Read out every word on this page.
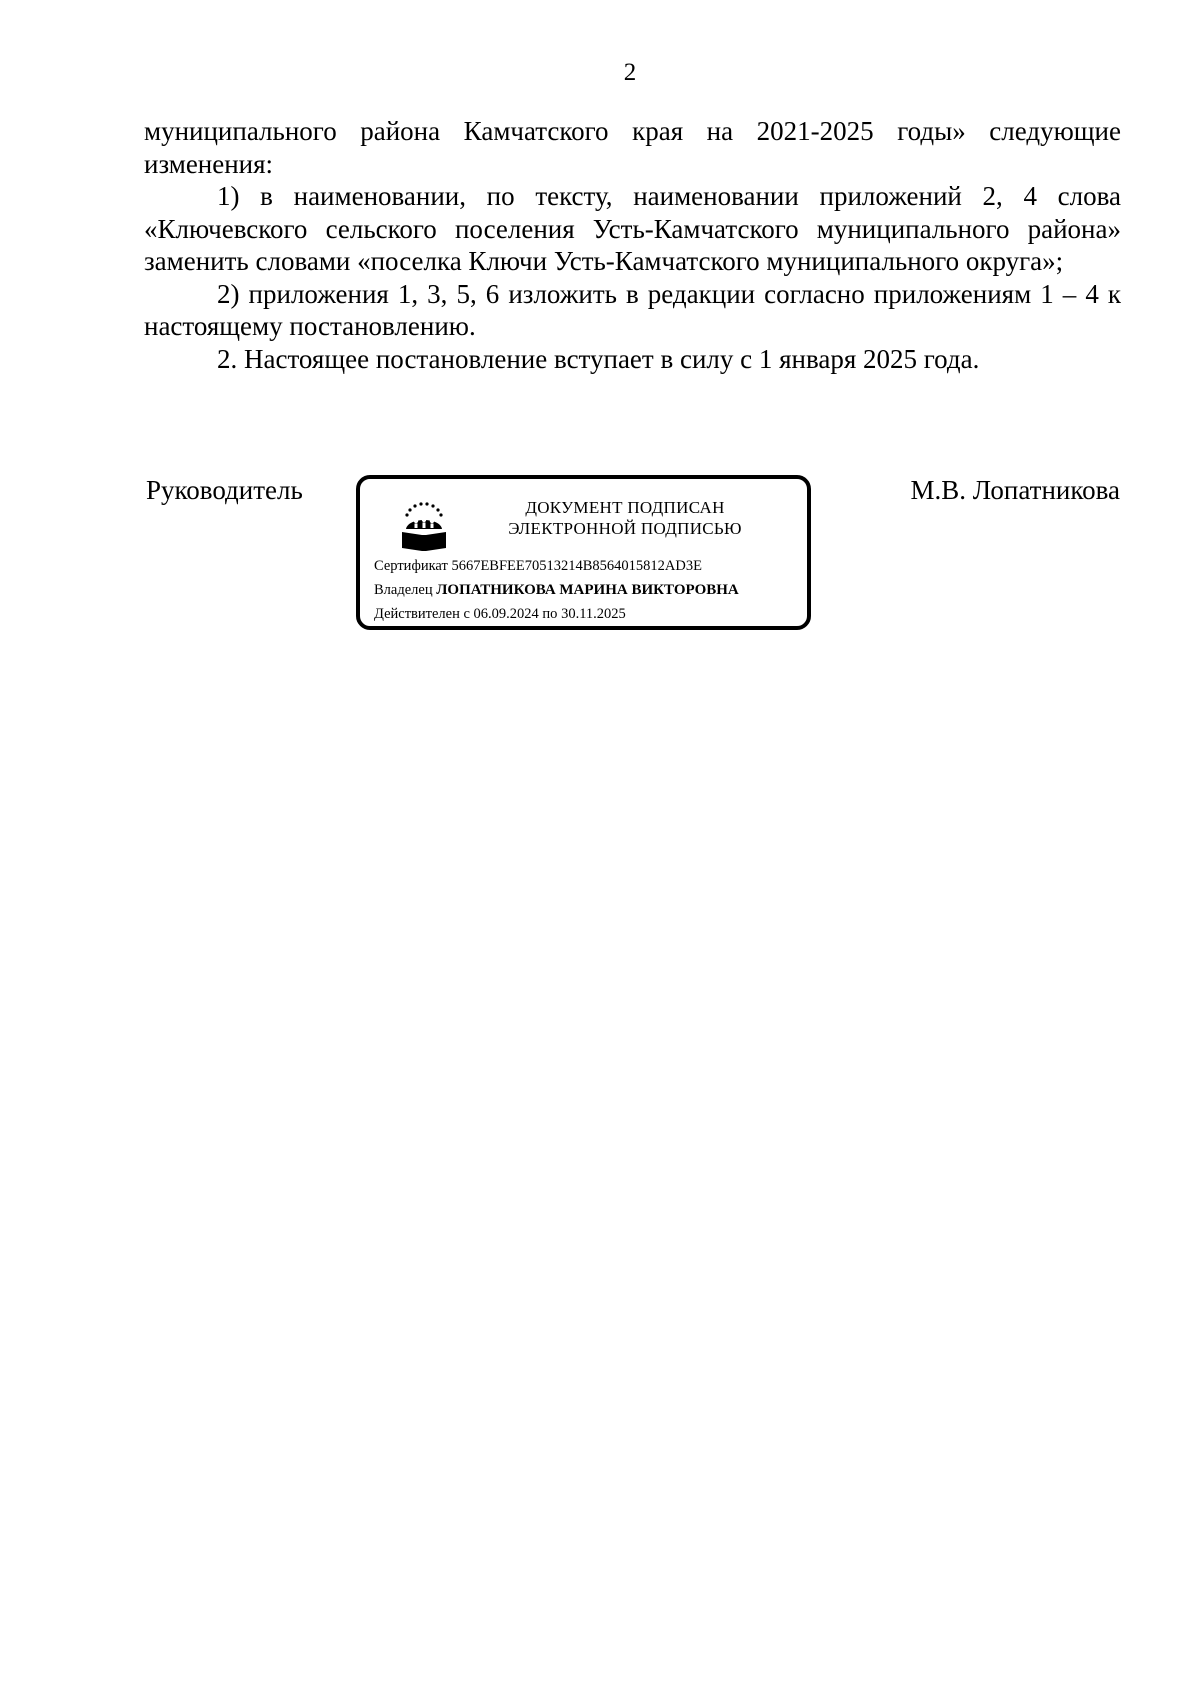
2

муниципального района Камчатского края на 2021-2025 годы» следующие изменения:

1) в наименовании, по тексту, наименовании приложений 2, 4 слова «Ключевского сельского поселения Усть-Камчатского муниципального района» заменить словами «поселка Ключи Усть-Камчатского муниципального округа»;

2) приложения 1, 3, 5, 6 изложить в редакции согласно приложениям 1 – 4 к настоящему постановлению.

2. Настоящее постановление вступает в силу с 1 января 2025 года.

Руководитель	М.В. Лопатникова
ДОКУМЕНТ ПОДПИСАН
ЭЛЕКТРОННОЙ ПОДПИСЬЮ
Сертификат 5667EBFEE70513214B8564015812AD3E
Владелец ЛОПАТНИКОВА МАРИНА ВИКТОРОВНА
Действителен с 06.09.2024 по 30.11.2025
